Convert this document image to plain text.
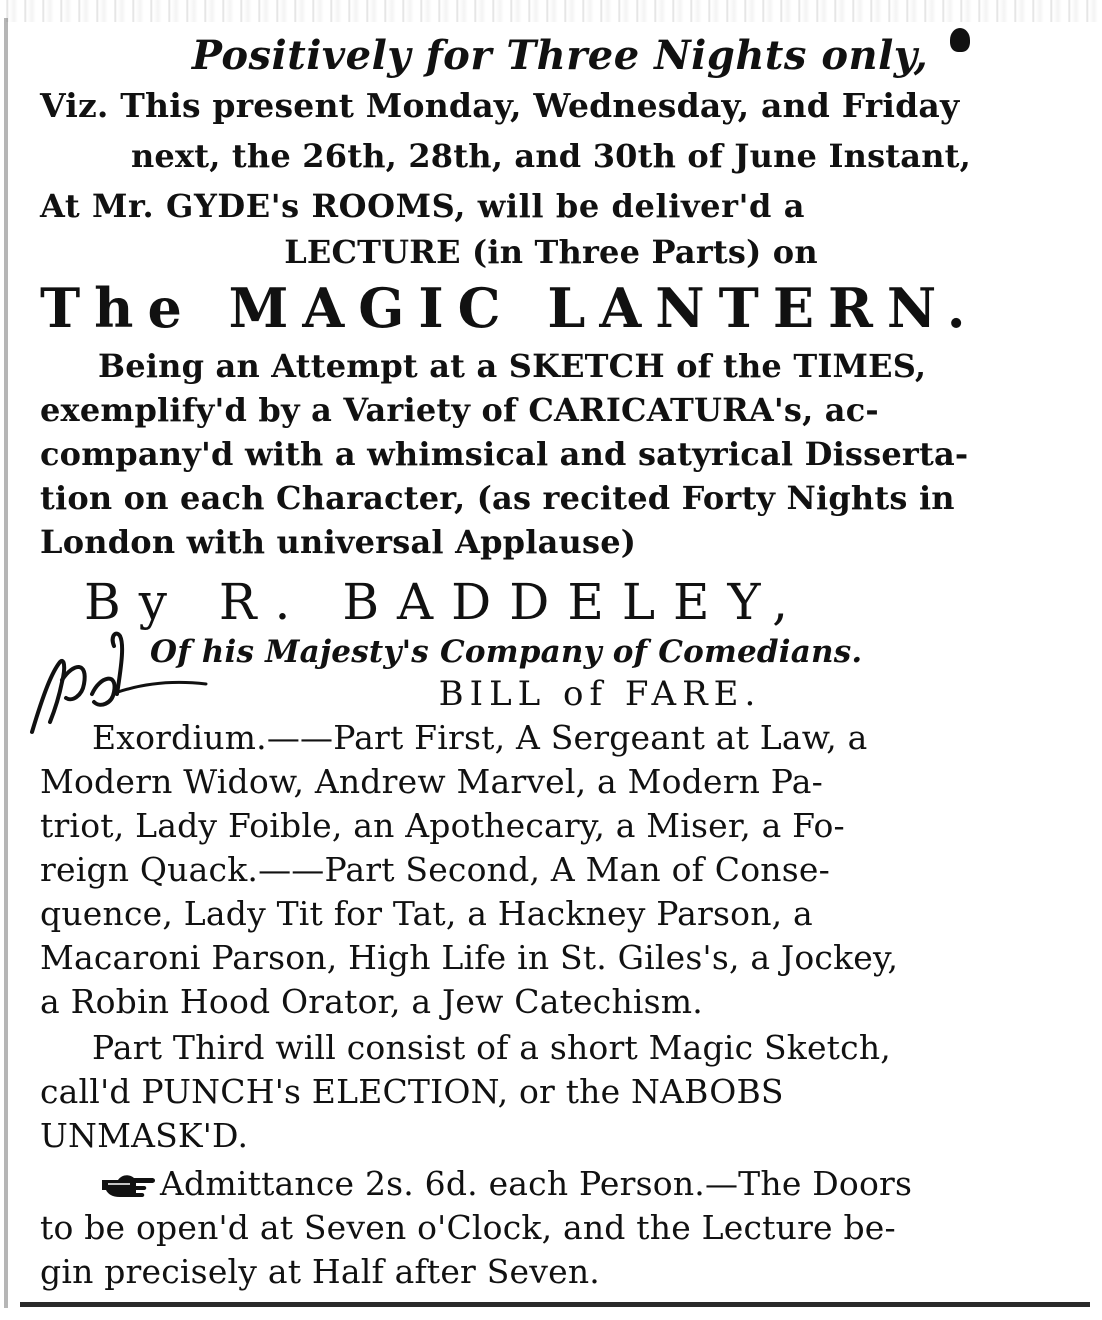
Positively for Three Nights only,
Viz. This present Monday, Wednesday, and Friday
next, the 26th, 28th, and 30th of June Instant,
At Mr. GYDE's ROOMS, will be deliver'd a
LECTURE (in Three Parts) on
The MAGIC LANTERN.
Being an Attempt at a SKETCH of the TIMES,
exemplify'd by a Variety of CARICATURA's, ac-
company'd with a whimsical and satyrical Disserta-
tion on each Character, (as recited Forty Nights in
London with universal Applause)
By R. BADDELEY,
Of his Majesty's Company of Comedians.
BILL of FARE.
Exordium.——Part First, A Sergeant at Law, a
Modern Widow, Andrew Marvel, a Modern Pa-
triot, Lady Foible, an Apothecary, a Miser, a Fo-
reign Quack.——Part Second, A Man of Conse-
quence, Lady Tit for Tat, a Hackney Parson, a
Macaroni Parson, High Life in St. Giles's, a Jockey,
a Robin Hood Orator, a Jew Catechism.
Part Third will consist of a short Magic Sketch,
call'd PUNCH's ELECTION, or the NABOBS
UNMASK'D.
Admittance 2s. 6d. each Person.—The Doors
to be open'd at Seven o'Clock, and the Lecture be-
gin precisely at Half after Seven.
